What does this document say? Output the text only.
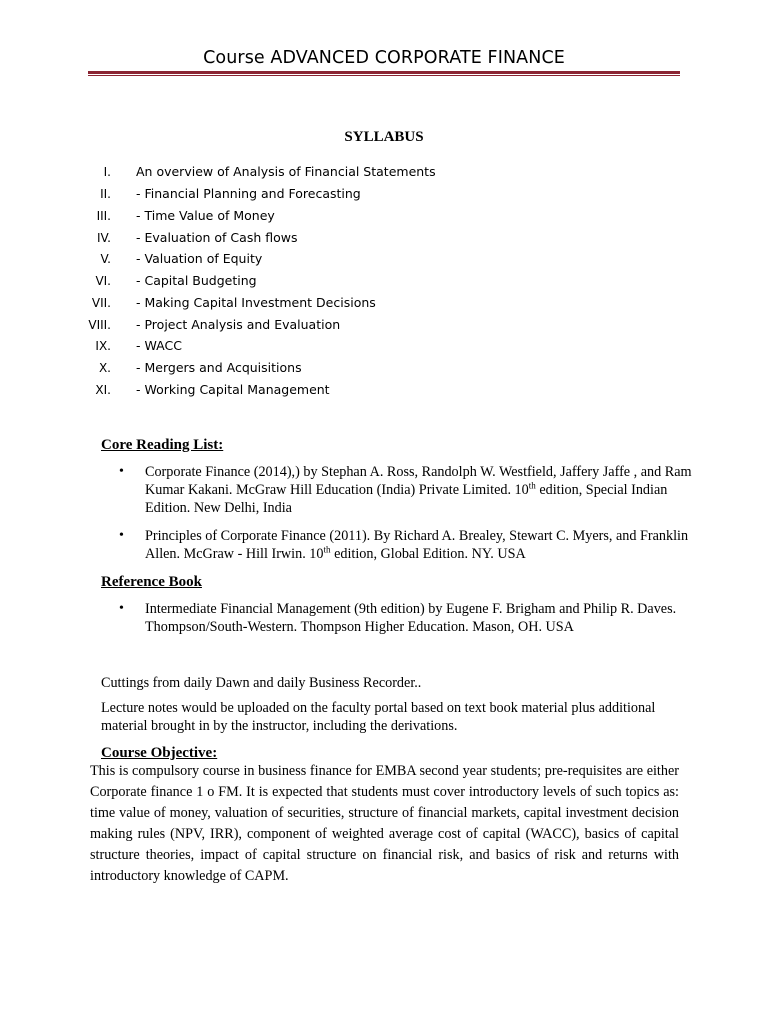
Course ADVANCED CORPORATE FINANCE
SYLLABUS
I. An overview of Analysis of Financial Statements
II. - Financial Planning and Forecasting
III. - Time Value of Money
IV. - Evaluation of Cash flows
V. - Valuation of Equity
VI. - Capital Budgeting
VII. - Making Capital Investment Decisions
VIII. - Project Analysis and Evaluation
IX. - WACC
X. - Mergers and Acquisitions
XI. - Working Capital Management
Core Reading List:
• Corporate Finance (2014),) by Stephan A. Ross, Randolph W. Westfield, Jaffery Jaffe , and Ram Kumar Kakani. McGraw Hill Education (India) Private Limited. 10th edition, Special Indian Edition. New Delhi, India
• Principles of Corporate Finance (2011). By Richard A. Brealey, Stewart C. Myers, and Franklin Allen. McGraw - Hill Irwin. 10th edition, Global Edition. NY. USA
Reference Book
• Intermediate Financial Management (9th edition) by Eugene F. Brigham and Philip R. Daves. Thompson/South-Western. Thompson Higher Education. Mason, OH. USA
Cuttings from daily Dawn and daily Business Recorder..
Lecture notes would be uploaded on the faculty portal based on text book material plus additional material brought in by the instructor, including the derivations.
Course Objective:
This is compulsory course in business finance for EMBA second year students; pre-requisites are either Corporate finance 1 o FM. It is expected that students must cover introductory levels of such topics as: time value of money, valuation of securities, structure of financial markets, capital investment decision making rules (NPV, IRR), component of weighted average cost of capital (WACC), basics of capital structure theories, impact of capital structure on financial risk, and basics of risk and returns with introductory knowledge of CAPM.
